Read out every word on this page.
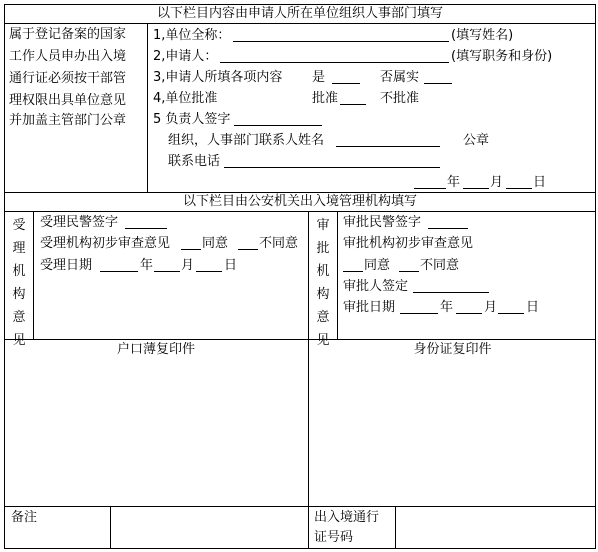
以下栏目内容由申请人所在单位组织人事部门填写
属于登记备案的国家
工作人员申办出入境
通行证必须按干部管
理权限出具单位意见
并加盖主管部门公章
1,单位全称：	(填写姓名)
2,申请人：	(填写职务和身份)
3,申请人所填各项内容 是	否属实
4,单位批准	批准	不批准
5 负责人签字
组织，人事部门联系人姓名	公章
联系电话
年 月 日
以下栏目由公安机关出入境管理机构填写
受
理
机
构
意
见
受理民警签字
受理机构初步审查意见 同意 不同意
受理日期	年 月 日
审
批
机
构
意
见
审批民警签字
审批机构初步审查意见
同意 不同意
审批人签定
审批日期	年 月 日
户口薄复印件	身份证复印件
备注	出入境通行
证号码
